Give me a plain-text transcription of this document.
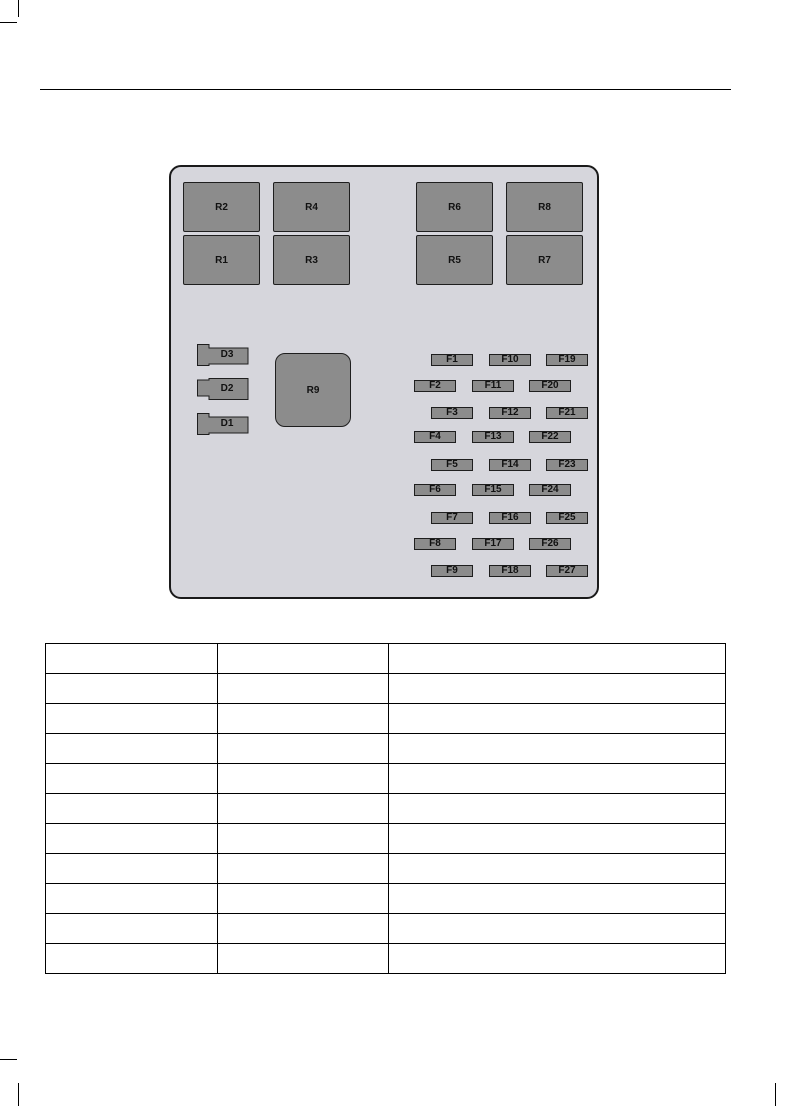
R2	R4
R1	R3
R6	R8
R5	R7
R9
D3
D2
D1
F1
F2
F3
F4
F5
F6
F7
F8
F9
F10
F11
F12
F13
F14
F15
F16
F17
F18
F19
F20
F21
F22
F23
F24
F25
F26
F27
